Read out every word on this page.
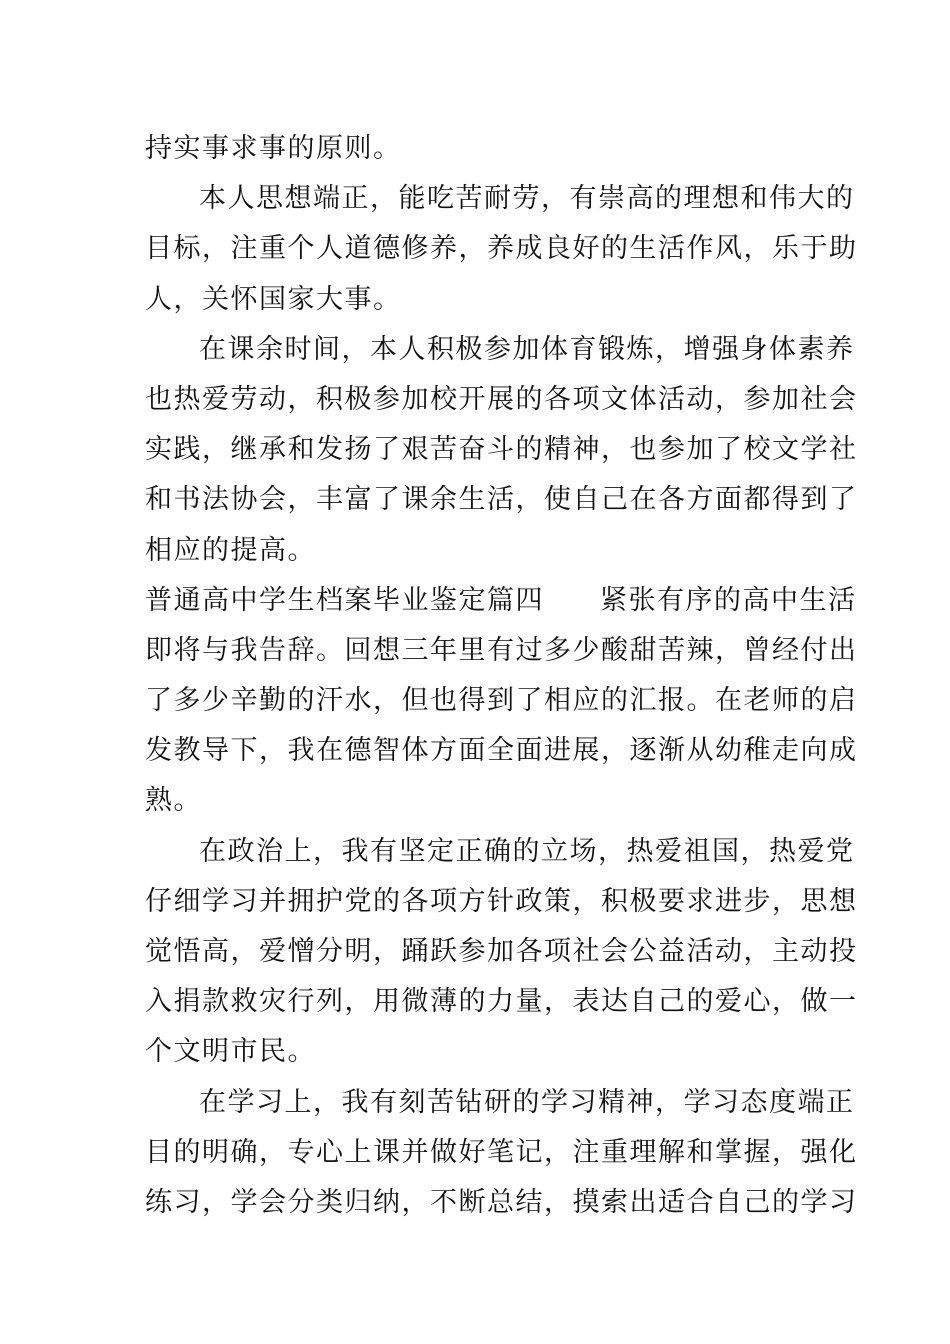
持实事求事的原则。
本人思想端正，能吃苦耐劳，有崇高的理想和伟大的
目标，注重个人道德修养，养成良好的生活作风，乐于助
人，关怀国家大事。
在课余时间，本人积极参加体育锻炼，增强身体素养
也热爱劳动，积极参加校开展的各项文体活动，参加社会
实践，继承和发扬了艰苦奋斗的精神，也参加了校文学社
和书法协会，丰富了课余生活，使自己在各方面都得到了
相应的提高。
普通高中学生档案毕业鉴定篇四 紧张有序的高中生活
即将与我告辞。回想三年里有过多少酸甜苦辣，曾经付出
了多少辛勤的汗水，但也得到了相应的汇报。在老师的启
发教导下，我在德智体方面全面进展，逐渐从幼稚走向成
熟。
在政治上，我有坚定正确的立场，热爱祖国，热爱党
仔细学习并拥护党的各项方针政策，积极要求进步，思想
觉悟高，爱憎分明，踊跃参加各项社会公益活动，主动投
入捐款救灾行列，用微薄的力量，表达自己的爱心，做一
个文明市民。
在学习上，我有刻苦钻研的学习精神，学习态度端正
目的明确，专心上课并做好笔记，注重理解和掌握，强化
练习，学会分类归纳，不断总结，摸索出适合自己的学习
